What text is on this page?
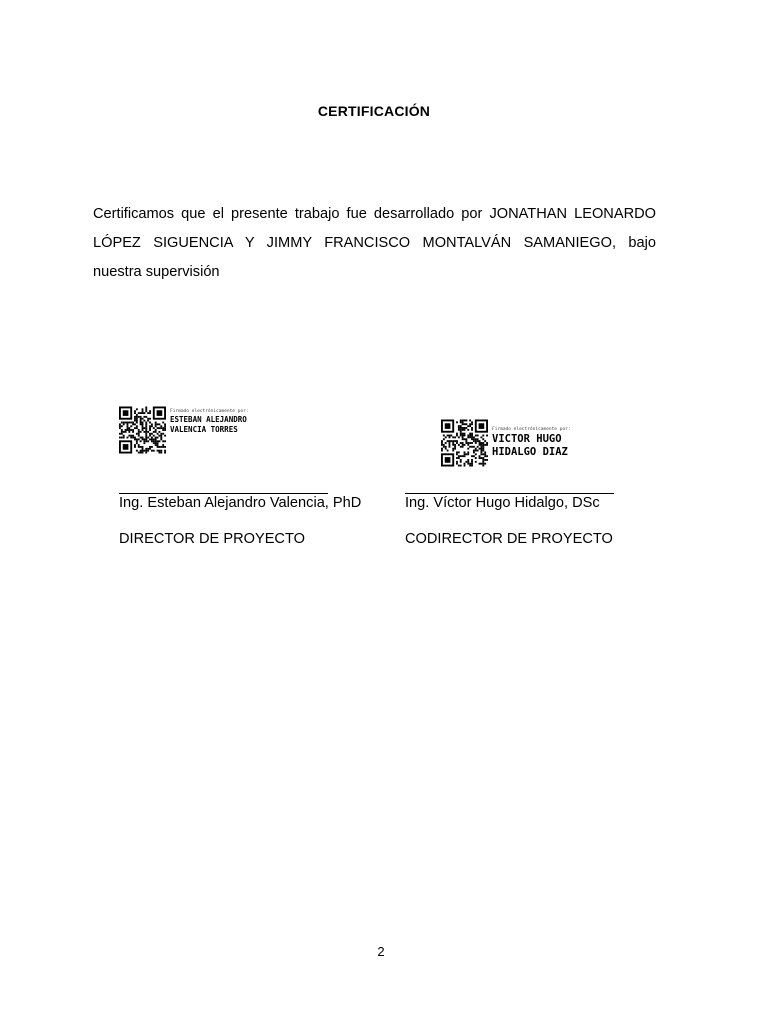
CERTIFICACIÓN
Certificamos que el presente trabajo fue desarrollado por JONATHAN LEONARDO
LÓPEZ SIGUENCIA Y JIMMY FRANCISCO MONTALVÁN SAMANIEGO, bajo
nuestra supervisión
Firmado electrónicamente por:
ESTEBAN ALEJANDRO
VALENCIA TORRES	Firmado electrónicamente por:
VICTOR HUGO
HIDALGO DIAZ
Ing. Esteban Alejandro Valencia, PhD	Ing. Víctor Hugo Hidalgo, DSc
DIRECTOR DE PROYECTO	CODIRECTOR DE PROYECTO
2
